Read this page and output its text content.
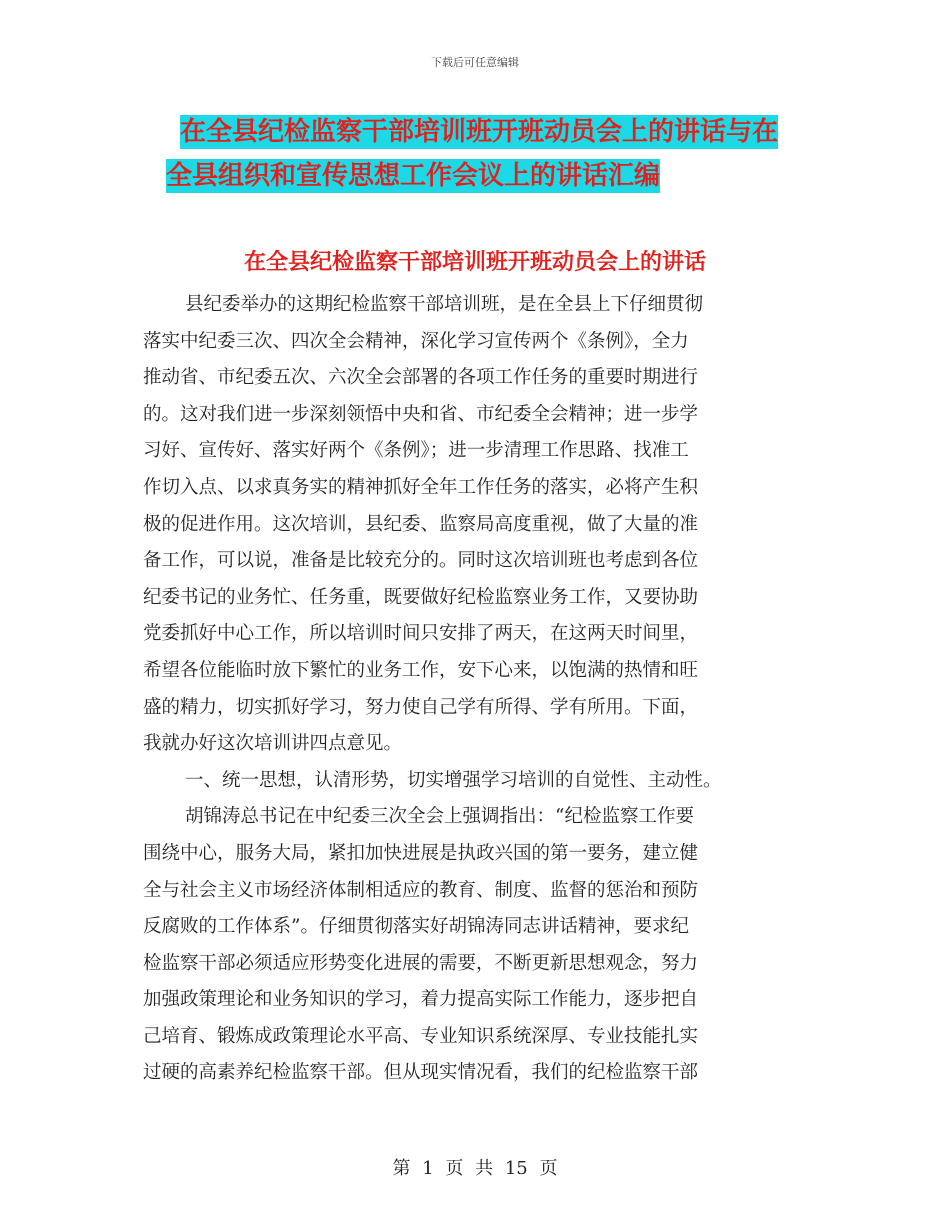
下载后可任意编辑
在全县纪检监察干部培训班开班动员会上的讲话与在
全县组织和宣传思想工作会议上的讲话汇编
在全县纪检监察干部培训班开班动员会上的讲话
县纪委举办的这期纪检监察干部培训班，是在全县上下仔细贯彻
落实中纪委三次、四次全会精神，深化学习宣传两个《条例》，全力
推动省、市纪委五次、六次全会部署的各项工作任务的重要时期进行
的。这对我们进一步深刻领悟中央和省、市纪委全会精神；进一步学
习好、宣传好、落实好两个《条例》；进一步清理工作思路、找准工
作切入点、以求真务实的精神抓好全年工作任务的落实，必将产生积
极的促进作用。这次培训，县纪委、监察局高度重视，做了大量的准
备工作，可以说，准备是比较充分的。同时这次培训班也考虑到各位
纪委书记的业务忙、任务重，既要做好纪检监察业务工作，又要协助
党委抓好中心工作，所以培训时间只安排了两天，在这两天时间里，
希望各位能临时放下繁忙的业务工作，安下心来，以饱满的热情和旺
盛的精力，切实抓好学习，努力使自己学有所得、学有所用。下面，
我就办好这次培训讲四点意见。
一、统一思想，认清形势，切实增强学习培训的自觉性、主动性。
胡锦涛总书记在中纪委三次全会上强调指出：“纪检监察工作要
围绕中心，服务大局，紧扣加快进展是执政兴国的第一要务，建立健
全与社会主义市场经济体制相适应的教育、制度、监督的惩治和预防
反腐败的工作体系”。仔细贯彻落实好胡锦涛同志讲话精神，要求纪
检监察干部必须适应形势变化进展的需要，不断更新思想观念，努力
加强政策理论和业务知识的学习，着力提高实际工作能力，逐步把自
己培育、锻炼成政策理论水平高、专业知识系统深厚、专业技能扎实
过硬的高素养纪检监察干部。但从现实情况看，我们的纪检监察干部
第 1 页 共 15 页
